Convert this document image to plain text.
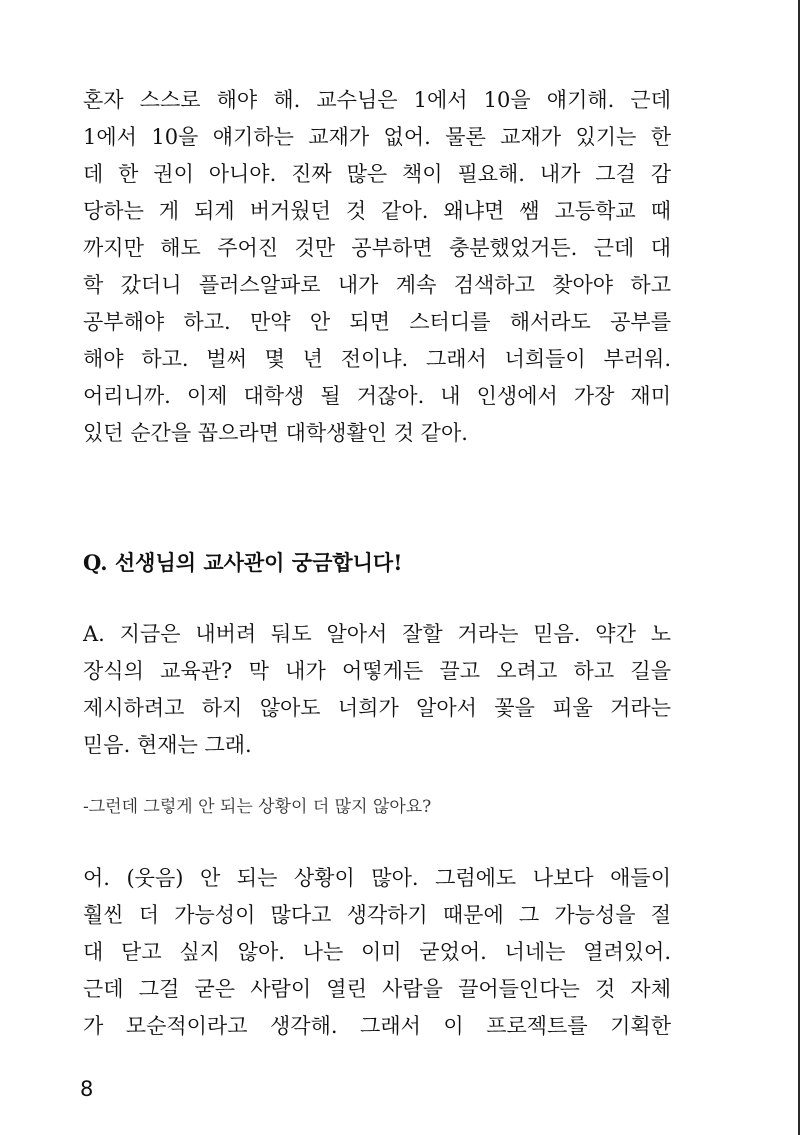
혼자 스스로 해야 해. 교수님은 1에서 10을 얘기해. 근데
1에서 10을 얘기하는 교재가 없어. 물론 교재가 있기는 한
데 한 권이 아니야. 진짜 많은 책이 필요해. 내가 그걸 감
당하는 게 되게 버거웠던 것 같아. 왜냐면 쌤 고등학교 때
까지만 해도 주어진 것만 공부하면 충분했었거든. 근데 대
학 갔더니 플러스알파로 내가 계속 검색하고 찾아야 하고
공부해야 하고. 만약 안 되면 스터디를 해서라도 공부를
해야 하고. 벌써 몇 년 전이냐. 그래서 너희들이 부러워.
어리니까. 이제 대학생 될 거잖아. 내 인생에서 가장 재미
있던 순간을 꼽으라면 대학생활인 것 같아.
Q. 선생님의 교사관이 궁금합니다!
A. 지금은 내버려 둬도 알아서 잘할 거라는 믿음. 약간 노
장식의 교육관? 막 내가 어떻게든 끌고 오려고 하고 길을
제시하려고 하지 않아도 너희가 알아서 꽃을 피울 거라는
믿음. 현재는 그래.
-그런데 그렇게 안 되는 상황이 더 많지 않아요?
어. (웃음) 안 되는 상황이 많아. 그럼에도 나보다 애들이
훨씬 더 가능성이 많다고 생각하기 때문에 그 가능성을 절
대 닫고 싶지 않아. 나는 이미 굳었어. 너네는 열려있어.
근데 그걸 굳은 사람이 열린 사람을 끌어들인다는 것 자체
가 모순적이라고 생각해. 그래서 이 프로젝트를 기획한
8
